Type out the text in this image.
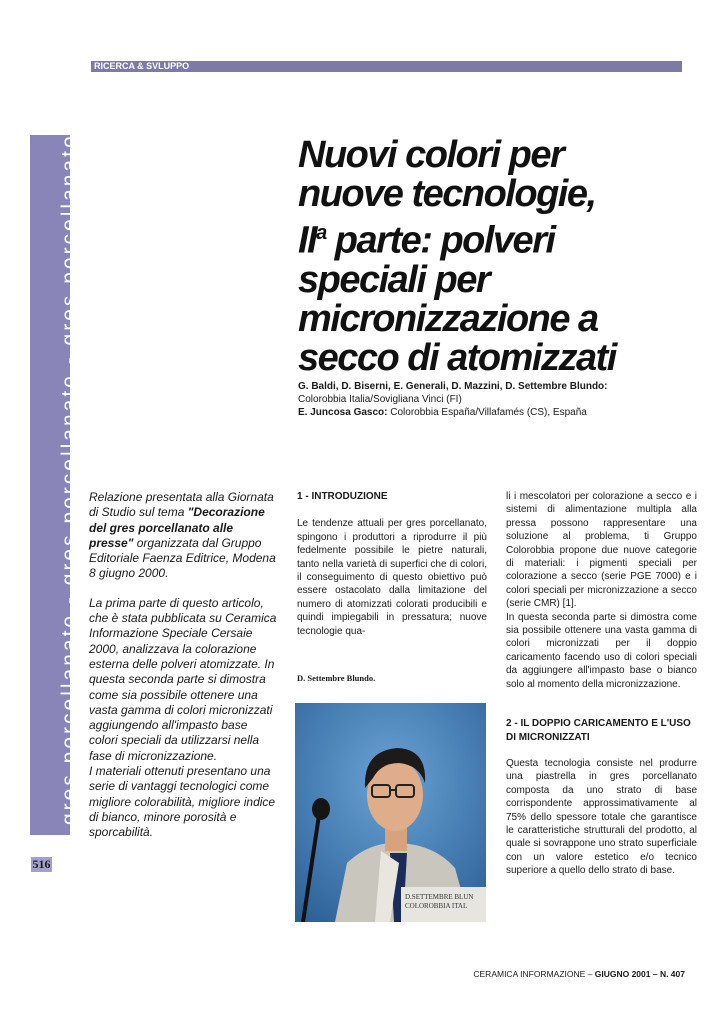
RICERCA & SVLUPPO
gres porcellanato - gres porcellanato - gres porcellanato
516
Nuovi colori per
nuove tecnologie,
$II^a$ parte: polveri
speciali per
micronizzazione a
secco di atomizzati
G. Baldi, D. Biserni, E. Generali, D. Mazzini, D. Settembre Blundo:
Colorobbia Italia/Sovigliana Vinci (FI)
E. Juncosa Gasco: Colorobbia España/Villafamés (CS), España

Relazione presentata alla Giornata di Studio sul tema "Decorazione del gres porcellanato alle presse" organizzata dal Gruppo Editoriale Faenza Editrice, Modena 8 giugno 2000.

La prima parte di questo articolo, che è stata pubblicata su Ceramica Informazione Speciale Cersaie 2000, analizzava la colorazione esterna delle polveri atomizzate. In questa seconda parte si dimostra come sia possibile ottenere una vasta gamma di colori micronizzati aggiungendo all'impasto base colori speciali da utilizzarsi nella fase di micronizzazione.

I materiali ottenuti presentano una serie di vantaggi tecnologici come migliore colorabilità, migliore indice di bianco, minore porosità e sporcabilità.

1 - INTRODUZIONE

Le tendenze attuali per gres porcellanato, spingono i produttori a riprodurre il più fedelmente possibile le pietre naturali, tanto nella varietà di superfici che di colori, il conseguimento di questo obiettivo può essere ostacolato dalla limitazione del numero di atomizzati colorati producibili e quindi impiegabili in pressatura; nuove tecnologie qua-

D. Settembre Blundo.
D.SETTEMBRE BLUN
COLOROBBIA ITAL

li i mescolatori per colorazione a secco e i sistemi di alimentazione multipla alla pressa possono rappresentare una soluzione al problema, ti Gruppo Colorobbia propone due nuove categorie di materiali: i pigmenti speciali per colorazione a secco (serie PGE 7000) e i colori speciali per micronizzazione a secco (serie CMR) [1].

In questa seconda parte si dimostra come sia possibile ottenere una vasta gamma di colori micronizzati per il doppio caricamento facendo uso di colori speciali da aggiungere all'impasto base o bianco solo al momento della micronizzazione.

2 - IL DOPPIO CARICAMENTO E L'USO DI MICRONIZZATI

Questa tecnologia consiste nel produrre una piastrella in gres porcellanato composta da uno strato di base corrispondente approssimativamente al 75% dello spessore totale che garantisce le caratteristiche strutturali del prodotto, al quale si sovrappone uno strato superficiale con un valore estetico e/o tecnico superiore a quello dello strato di base.

CERAMICA INFORMAZIONE – GIUGNO 2001 – N. 407
